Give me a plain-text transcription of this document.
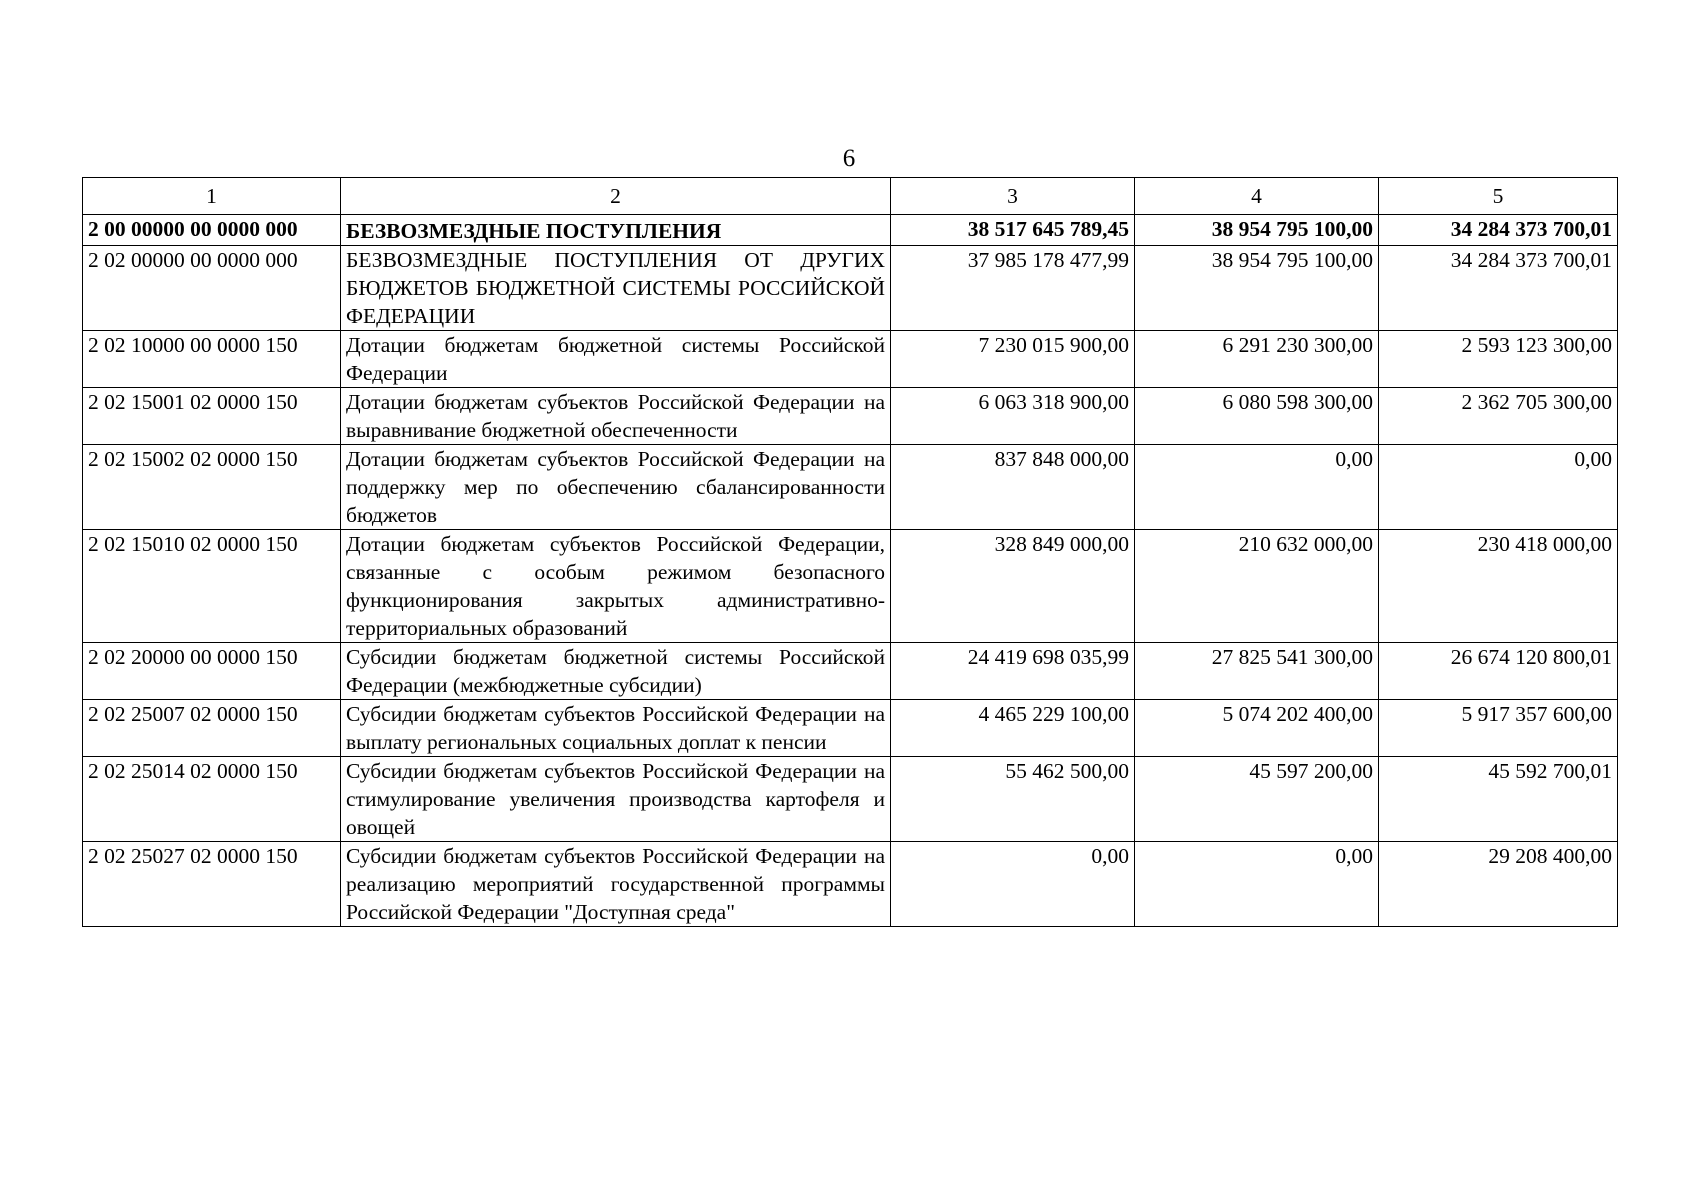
6
1	2	3	4	5
2 00 00000 00 0000 000	БЕЗВОЗМЕЗДНЫЕ ПОСТУПЛЕНИЯ	38 517 645 789,45	38 954 795 100,00	34 284 373 700,01
2 02 00000 00 0000 000	БЕЗВОЗМЕЗДНЫЕ ПОСТУПЛЕНИЯ ОТ ДРУГИХ БЮДЖЕТОВ БЮДЖЕТНОЙ СИСТЕМЫ РОССИЙСКОЙ ФЕДЕРАЦИИ	37 985 178 477,99	38 954 795 100,00	34 284 373 700,01
2 02 10000 00 0000 150	Дотации бюджетам бюджетной системы Российской Федерации	7 230 015 900,00	6 291 230 300,00	2 593 123 300,00
2 02 15001 02 0000 150	Дотации бюджетам субъектов Российской Федерации на выравнивание бюджетной обеспеченности	6 063 318 900,00	6 080 598 300,00	2 362 705 300,00
2 02 15002 02 0000 150	Дотации бюджетам субъектов Российской Федерации на поддержку мер по обеспечению сбалансированности бюджетов	837 848 000,00	0,00	0,00
2 02 15010 02 0000 150	Дотации бюджетам субъектов Российской Федерации, связанные с особым режимом безопасного функционирования закрытых административно-территориальных образований	328 849 000,00	210 632 000,00	230 418 000,00
2 02 20000 00 0000 150	Субсидии бюджетам бюджетной системы Российской Федерации (межбюджетные субсидии)	24 419 698 035,99	27 825 541 300,00	26 674 120 800,01
2 02 25007 02 0000 150	Субсидии бюджетам субъектов Российской Федерации на выплату региональных социальных доплат к пенсии	4 465 229 100,00	5 074 202 400,00	5 917 357 600,00
2 02 25014 02 0000 150	Субсидии бюджетам субъектов Российской Федерации на стимулирование увеличения производства картофеля и овощей	55 462 500,00	45 597 200,00	45 592 700,01
2 02 25027 02 0000 150	Субсидии бюджетам субъектов Российской Федерации на реализацию мероприятий государственной программы Российской Федерации "Доступная среда"	0,00	0,00	29 208 400,00
